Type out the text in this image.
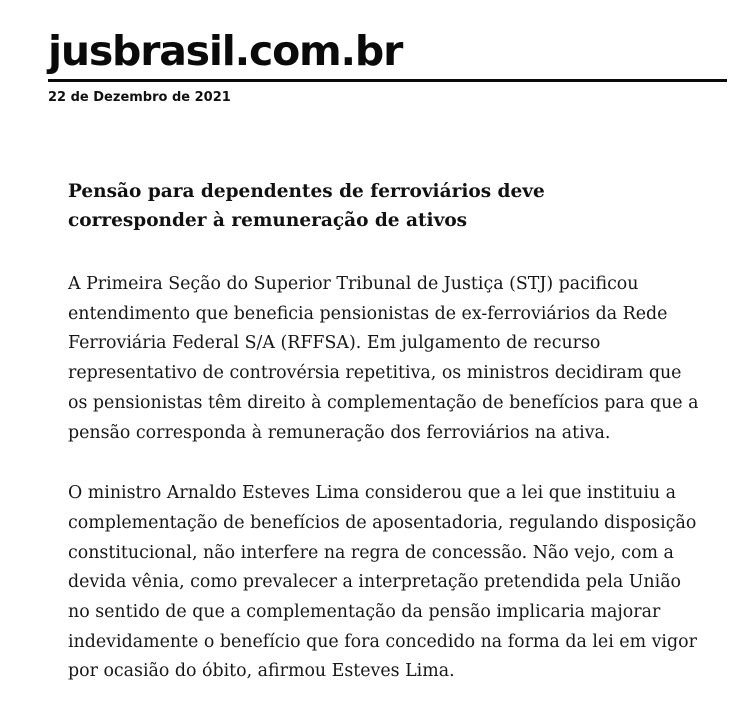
jusbrasil.com.br
22 de Dezembro de 2021
Pensão para dependentes de ferroviários deve
corresponder à remuneração de ativos

A Primeira Seção do Superior Tribunal de Justiça (STJ) pacificou
entendimento que beneficia pensionistas de ex-ferroviários da Rede
Ferroviária Federal S/A (RFFSA). Em julgamento de recurso
representativo de controvérsia repetitiva, os ministros decidiram que
os pensionistas têm direito à complementação de benefícios para que a
pensão corresponda à remuneração dos ferroviários na ativa.

O ministro Arnaldo Esteves Lima considerou que a lei que instituiu a
complementação de benefícios de aposentadoria, regulando disposição
constitucional, não interfere na regra de concessão. Não vejo, com a
devida vênia, como prevalecer a interpretação pretendida pela União
no sentido de que a complementação da pensão implicaria majorar
indevidamente o benefício que fora concedido na forma da lei em vigor
por ocasião do óbito, afirmou Esteves Lima.
